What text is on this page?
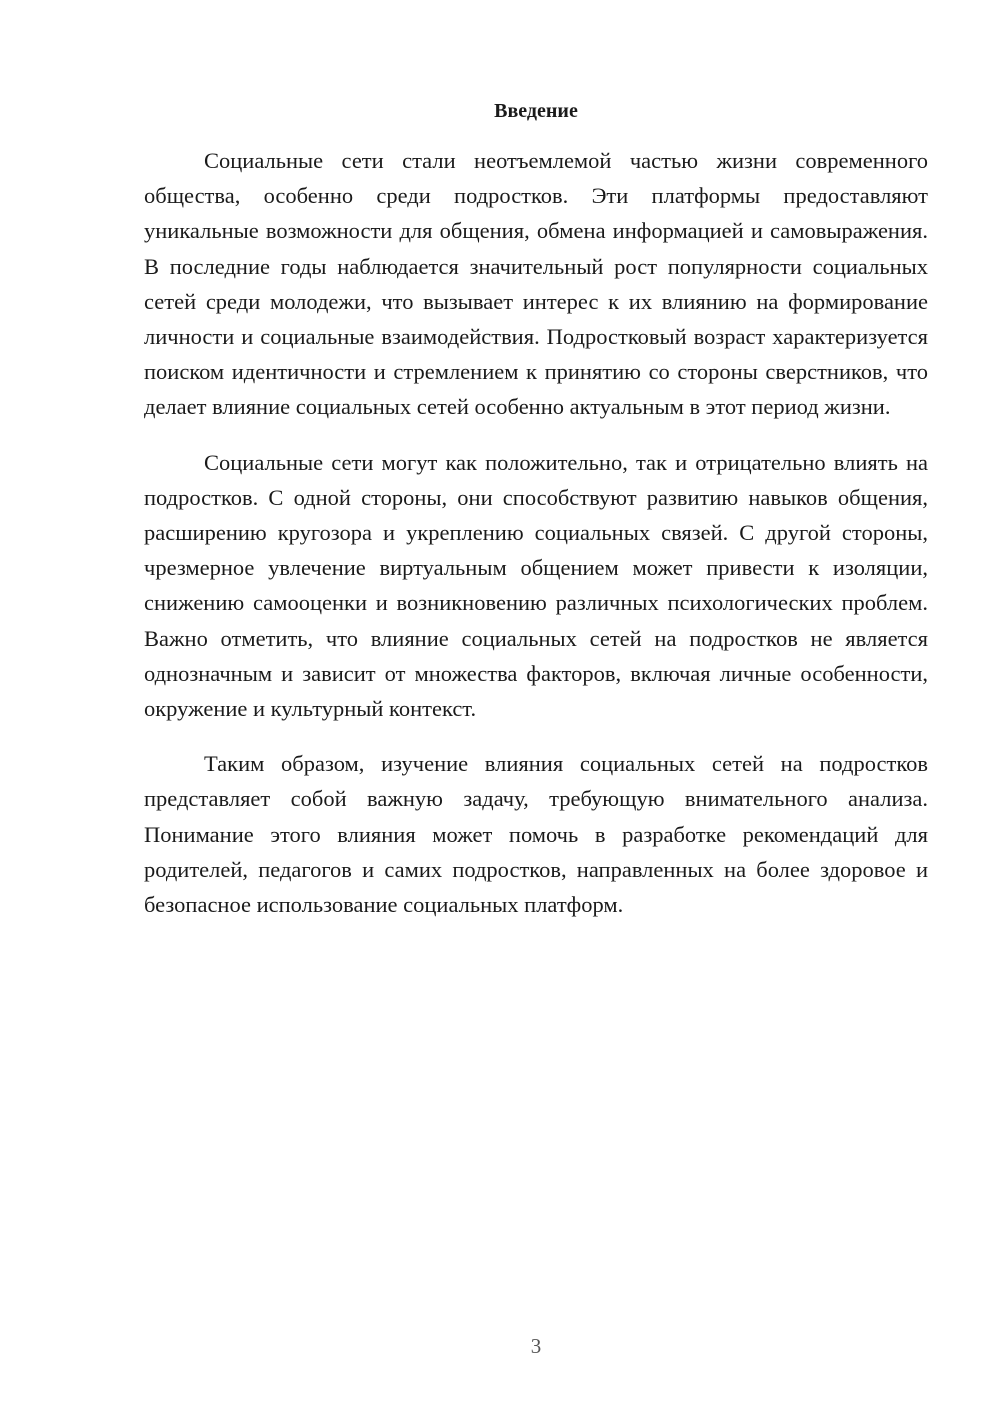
Введение

Социальные сети стали неотъемлемой частью жизни современного общества, особенно среди подростков. Эти платформы предоставляют уникальные возможности для общения, обмена информацией и самовыражения. В последние годы наблюдается значительный рост популярности социальных сетей среди молодежи, что вызывает интерес к их влиянию на формирование личности и социальные взаимодействия. Подростковый возраст характеризуется поиском идентичности и стремлением к принятию со стороны сверстников, что делает влияние социальных сетей особенно актуальным в этот период жизни.

Социальные сети могут как положительно, так и отрицательно влиять на подростков. С одной стороны, они способствуют развитию навыков общения, расширению кругозора и укреплению социальных связей. С другой стороны, чрезмерное увлечение виртуальным общением может привести к изоляции, снижению самооценки и возникновению различных психологических проблем. Важно отметить, что влияние социальных сетей на подростков не является однозначным и зависит от множества факторов, включая личные особенности, окружение и культурный контекст.

Таким образом, изучение влияния социальных сетей на подростков представляет собой важную задачу, требующую внимательного анализа. Понимание этого влияния может помочь в разработке рекомендаций для родителей, педагогов и самих подростков, направленных на более здоровое и безопасное использование социальных платформ.

3
